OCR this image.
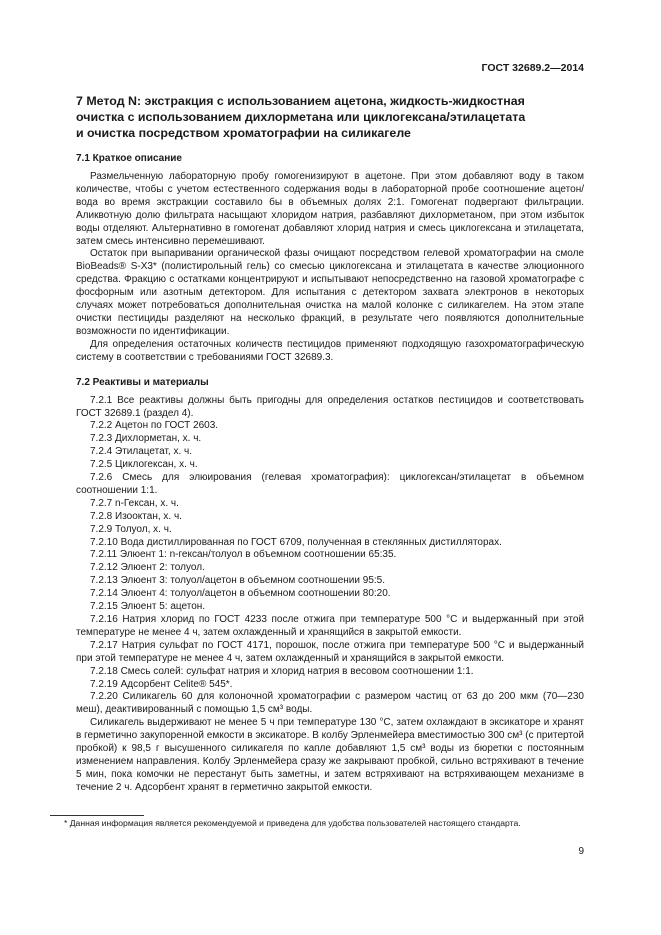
ГОСТ 32689.2—2014
7 Метод N: экстракция с использованием ацетона, жидкость-жидкостная
очистка с использованием дихлорметана или циклогексана/этилацетата
и очистка посредством хроматографии на силикагеле
7.1 Краткое описание

Размельченную лабораторную пробу гомогенизируют в ацетоне. При этом добавляют воду в таком количестве, чтобы с учетом естественного содержания воды в лабораторной пробе соотношение ацетон/вода во время экстракции составило бы в объемных долях 2:1. Гомогенат подвергают фильтрации. Аликвотную долю фильтрата насыщают хлоридом натрия, разбавляют дихлорметаном, при этом избыток воды отделяют. Альтернативно в гомогенат добавляют хлорид натрия и смесь циклогексана и этилацетата, затем смесь интенсивно перемешивают.

Остаток при выпаривании органической фазы очищают посредством гелевой хроматографии на смоле BioBeads® S-X3* (полистирольный гель) со смесью циклогексана и этилацетата в качестве элюционного средства. Фракцию с остатками концентрируют и испытывают непосредственно на газовой хроматографе с фосфорным или азотным детектором. Для испытания с детектором захвата электронов в некоторых случаях может потребоваться дополнительная очистка на малой колонке с силикагелем. На этом этапе очистки пестициды разделяют на несколько фракций, в результате чего появляются дополнительные возможности по идентификации.

Для определения остаточных количеств пестицидов применяют подходящую газохроматографическую систему в соответствии с требованиями ГОСТ 32689.3.

7.2 Реактивы и материалы
7.2.1 Все реактивы должны быть пригодны для определения остатков пестицидов и соответствовать ГОСТ 32689.1 (раздел 4).
7.2.2 Ацетон по ГОСТ 2603.
7.2.3 Дихлорметан, х. ч.
7.2.4 Этилацетат, х. ч.
7.2.5 Циклогексан, х. ч.
7.2.6 Смесь для элюирования (гелевая хроматография): циклогексан/этилацетат в объемном соотношении 1:1.
7.2.7 n-Гексан, х. ч.
7.2.8 Изооктан, х. ч.
7.2.9 Толуол, х. ч.
7.2.10 Вода дистиллированная по ГОСТ 6709, полученная в стеклянных дистилляторах.
7.2.11 Элюент 1: n-гексан/толуол в объемном соотношении 65:35.
7.2.12 Элюент 2: толуол.
7.2.13 Элюент 3: толуол/ацетон в объемном соотношении 95:5.
7.2.14 Элюент 4: толуол/ацетон в объемном соотношении 80:20.
7.2.15 Элюент 5: ацетон.
7.2.16 Натрия хлорид по ГОСТ 4233 после отжига при температуре 500 °С и выдержанный при этой температуре не менее 4 ч, затем охлажденный и хранящийся в закрытой емкости.
7.2.17 Натрия сульфат по ГОСТ 4171, порошок, после отжига при температуре 500 °С и выдержанный при этой температуре не менее 4 ч, затем охлажденный и хранящийся в закрытой емкости.
7.2.18 Смесь солей: сульфат натрия и хлорид натрия в весовом соотношении 1:1.
7.2.19 Адсорбент Celite® 545*.
7.2.20 Силикагель 60 для колоночной хроматографии с размером частиц от 63 до 200 мкм (70—230 меш), деактивированный с помощью 1,5 см³ воды.

Силикагель выдерживают не менее 5 ч при температуре 130 °С, затем охлаждают в эксикаторе и хранят в герметично закупоренной емкости в эксикаторе. В колбу Эрленмейера вместимостью 300 см³ (с притертой пробкой) к 98,5 г высушенного силикагеля по капле добавляют 1,5 см³ воды из бюретки с постоянным изменением направления. Колбу Эрленмейера сразу же закрывают пробкой, сильно встряхивают в течение 5 мин, пока комочки не перестанут быть заметны, и затем встряхивают на встряхивающем механизме в течение 2 ч. Адсорбент хранят в герметично закрытой емкости.

* Данная информация является рекомендуемой и приведена для удобства пользователей настоящего стандарта.
9
